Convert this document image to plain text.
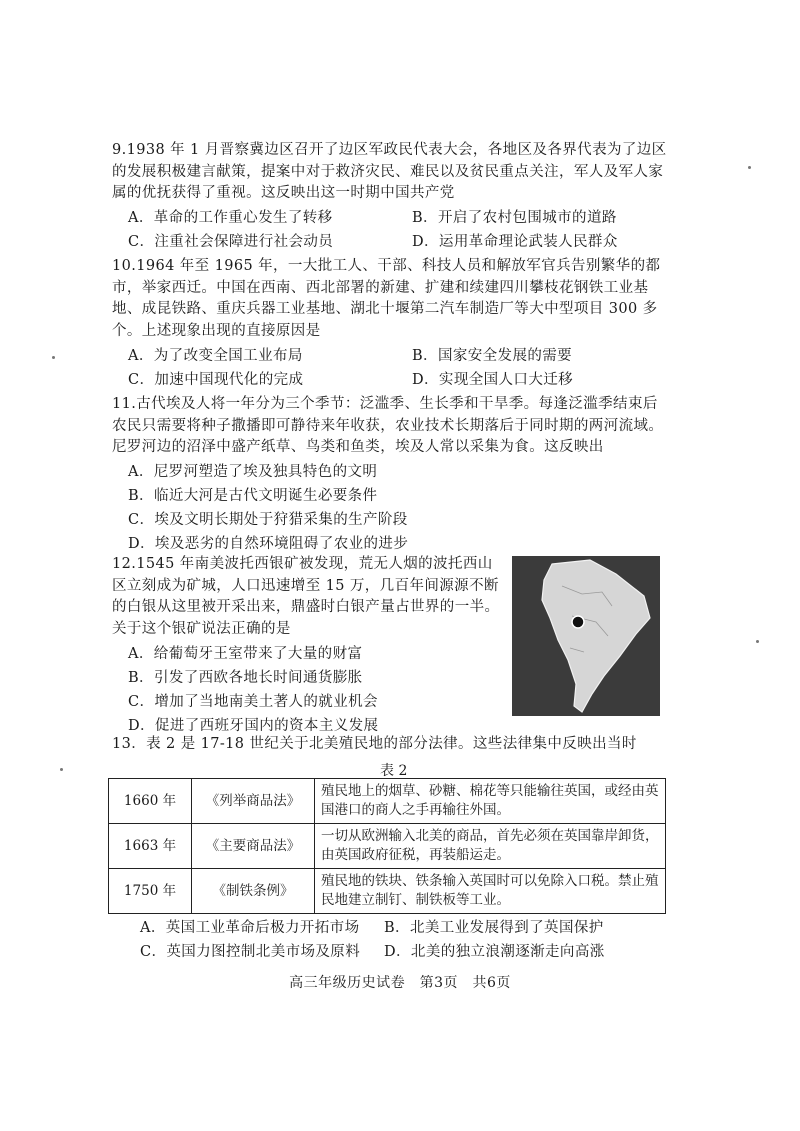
9.1938 年 1 月晋察冀边区召开了边区军政民代表大会，各地区及各界代表为了边区的发展积极建言献策，提案中对于救济灾民、难民以及贫民重点关注，军人及军人家属的优抚获得了重视。这反映出这一时期中国共产党
A．革命的工作重心发生了转移	B．开启了农村包围城市的道路
C．注重社会保障进行社会动员	D．运用革命理论武装人民群众
10.1964 年至 1965 年，一大批工人、干部、科技人员和解放军官兵告别繁华的都市，举家西迁。中国在西南、西北部署的新建、扩建和续建四川攀枝花钢铁工业基地、成昆铁路、重庆兵器工业基地、湖北十堰第二汽车制造厂等大中型项目 300 多个。上述现象出现的直接原因是
A．为了改变全国工业布局	B．国家安全发展的需要
C．加速中国现代化的完成	D．实现全国人口大迁移
11.古代埃及人将一年分为三个季节：泛滥季、生长季和干旱季。每逢泛滥季结束后农民只需要将种子撒播即可静待来年收获，农业技术长期落后于同时期的两河流域。尼罗河边的沼泽中盛产纸草、鸟类和鱼类，埃及人常以采集为食。这反映出
A．尼罗河塑造了埃及独具特色的文明
B．临近大河是古代文明诞生必要条件
C．埃及文明长期处于狩猎采集的生产阶段
D．埃及恶劣的自然环境阻碍了农业的进步
12.1545 年南美波托西银矿被发现，荒无人烟的波托西山区立刻成为矿城，人口迅速增至 15 万，几百年间源源不断的白银从这里被开采出来，鼎盛时白银产量占世界的一半。关于这个银矿说法正确的是
A．给葡萄牙王室带来了大量的财富
B．引发了西欧各地长时间通货膨胀
C．增加了当地南美土著人的就业机会
D．促进了西班牙国内的资本主义发展
13．表 2 是 17-18 世纪关于北美殖民地的部分法律。这些法律集中反映出当时
表 2
1660 年	《列举商品法》	殖民地上的烟草、砂糖、棉花等只能输往英国，或经由英国港口的商人之手再输往外国。
1663 年	《主要商品法》	一切从欧洲输入北美的商品，首先必须在英国靠岸卸货，由英国政府征税，再装船运走。
1750 年	《制铁条例》	殖民地的铁块、铁条输入英国时可以免除入口税。禁止殖民地建立制钉、制铁板等工业。
A．英国工业革命后极力开拓市场 B．北美工业发展得到了英国保护
C．英国力图控制北美市场及原料 D．北美的独立浪潮逐渐走向高涨
高三年级历史试卷　第3页　共6页
